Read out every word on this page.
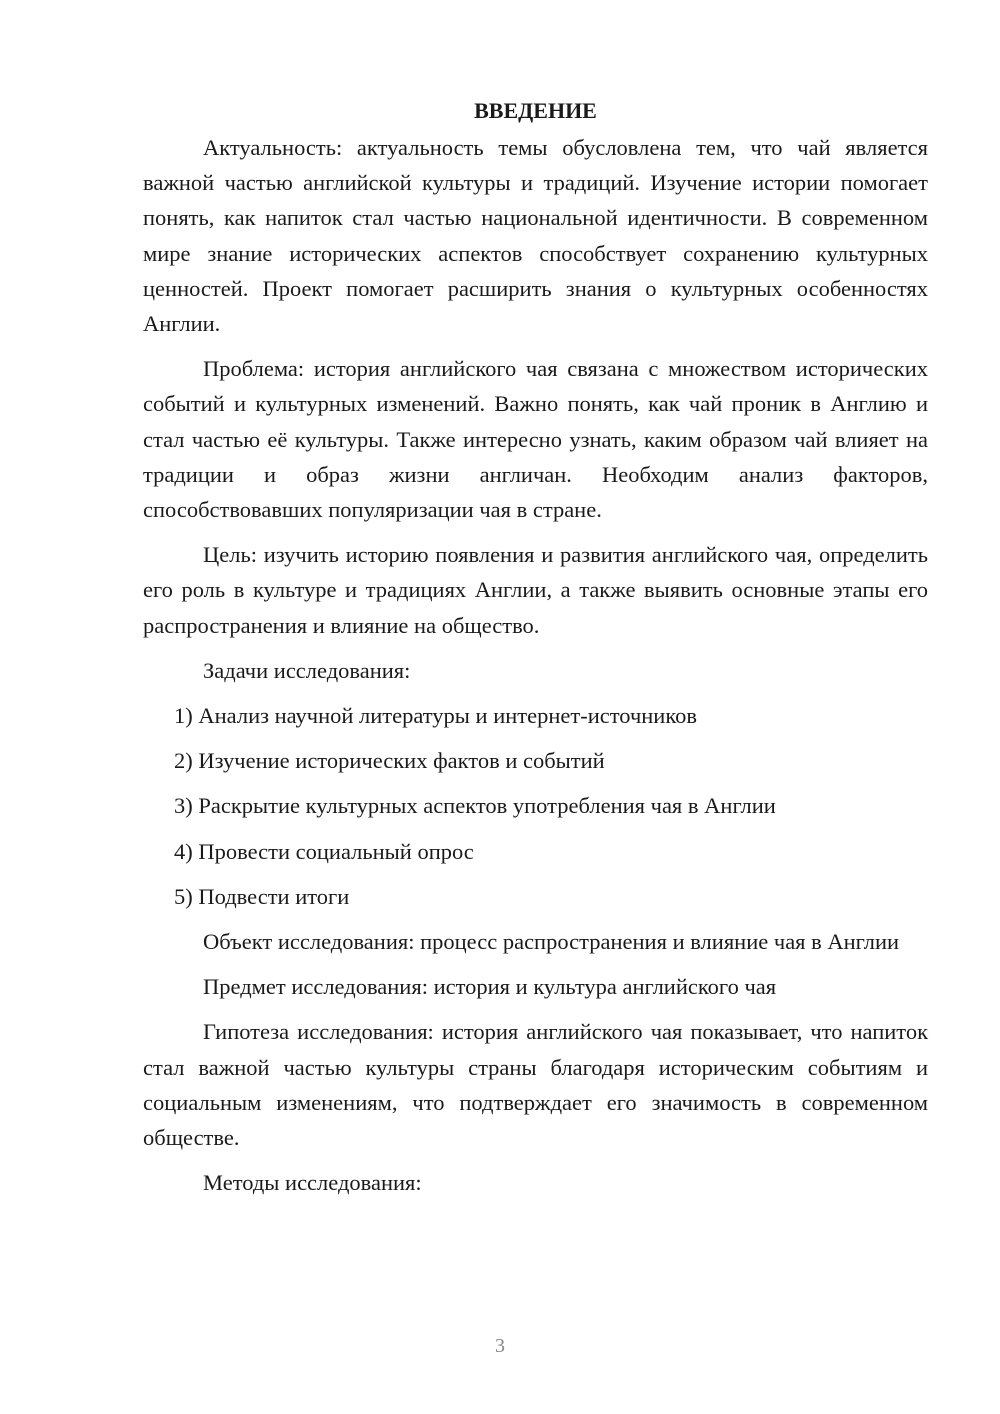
ВВЕДЕНИЕ

Актуальность: актуальность темы обусловлена тем, что чай является важной частью английской культуры и традиций. Изучение истории помогает понять, как напиток стал частью национальной идентичности. В современном мире знание исторических аспектов способствует сохранению культурных ценностей. Проект помогает расширить знания о культурных особенностях Англии.

Проблема: история английского чая связана с множеством исторических событий и культурных изменений. Важно понять, как чай проник в Англию и стал частью её культуры. Также интересно узнать, каким образом чай влияет на традиции и образ жизни англичан. Необходим анализ факторов, способствовавших популяризации чая в стране.

Цель: изучить историю появления и развития английского чая, определить его роль в культуре и традициях Англии, а также выявить основные этапы его распространения и влияние на общество.

Задачи исследования:

1) Анализ научной литературы и интернет-источников

2) Изучение исторических фактов и событий

3) Раскрытие культурных аспектов употребления чая в Англии

4) Провести социальный опрос

5) Подвести итоги

Объект исследования: процесс распространения и влияние чая в Англии

Предмет исследования: история и культура английского чая

Гипотеза исследования: история английского чая показывает, что напиток стал важной частью культуры страны благодаря историческим событиям и социальным изменениям, что подтверждает его значимость в современном обществе.

Методы исследования:

3
